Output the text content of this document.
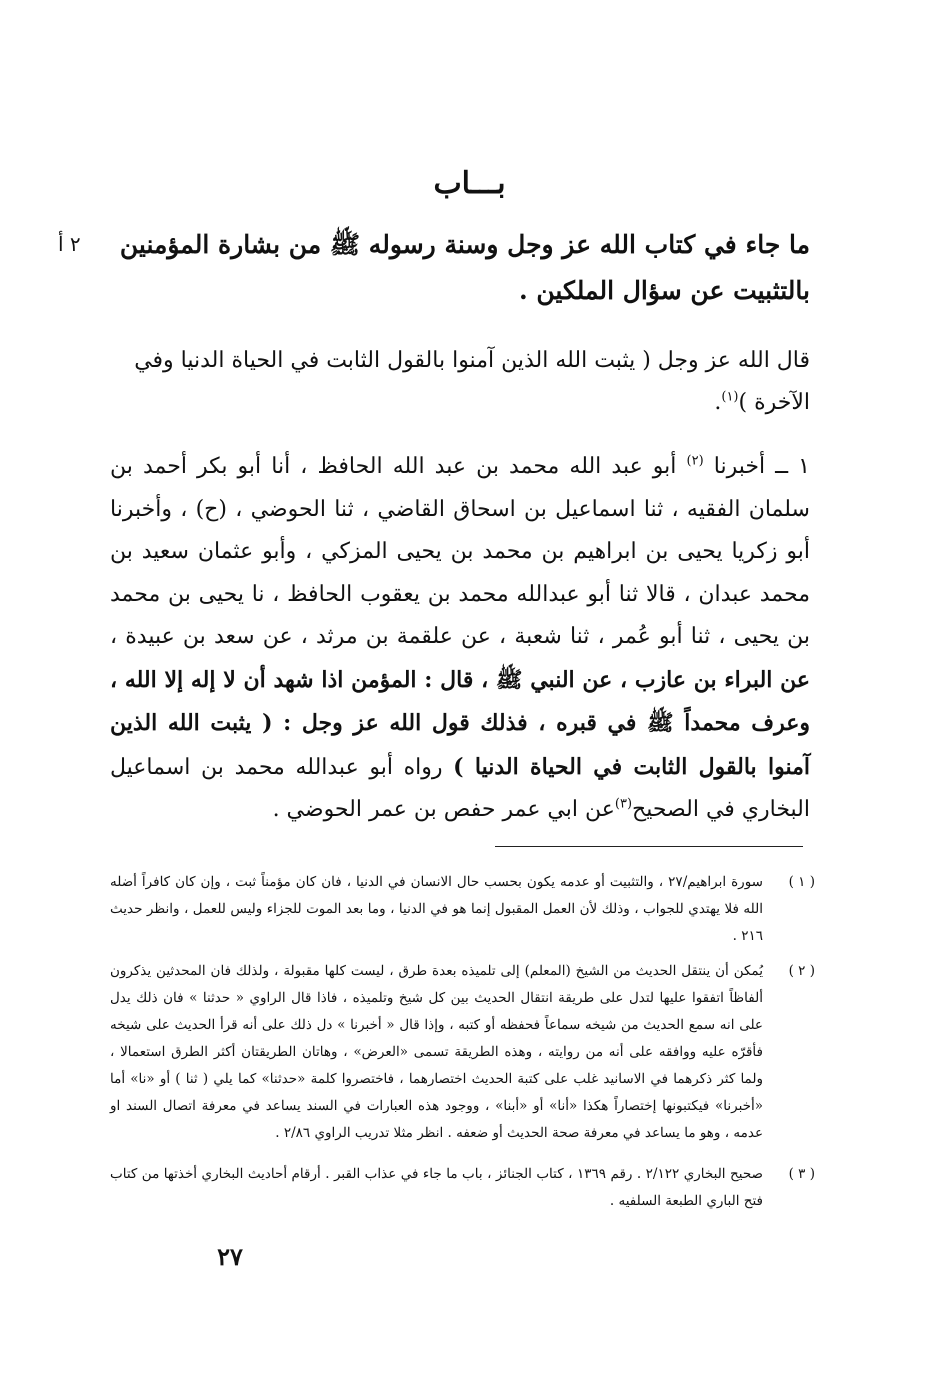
بـــاب
٢ أ	ما جاء في كتاب الله عز وجل وسنة رسوله ﷺ من بشارة المؤمنين بالتثبيت عن سؤال الملكين .
قال الله عز وجل ( يثبت الله الذين آمنوا بالقول الثابت في الحياة الدنيا وفي الآخرة )$^{(١)}$.
١ ــ أخبرنا $^{(٢)}$ أبو عبد الله محمد بن عبد الله الحافظ ، أنا أبو بكر أحمد بن سلمان الفقيه ، ثنا اسماعيل بن اسحاق القاضي ، ثنا الحوضي ، (ح) ، وأخبرنا أبو زكريا يحيى بن ابراهيم بن محمد بن يحيى المزكي ، وأبو عثمان سعيد بن محمد عبدان ، قالا ثنا أبو عبدالله محمد بن يعقوب الحافظ ، نا يحيى بن محمد بن يحيى ، ثنا أبو عُمر ، ثنا شعبة ، عن علقمة بن مرثد ، عن سعد بن عبيدة ، عن البراء بن عازب ، عن النبي ﷺ ، قال : المؤمن اذا شهد أن لا إله إلا الله ، وعرف محمداً ﷺ في قبره ، فذلك قول الله عز وجل : ( يثبت الله الذين آمنوا بالقول الثابت في الحياة الدنيا ) رواه أبو عبدالله محمد بن اسماعيل البخاري في الصحيح$^{(٣)}$عن ابي عمر حفص بن عمر الحوضي .
( ١ )
سورة ابراهيم/٢٧ ، والتثبيت أو عدمه يكون بحسب حال الانسان في الدنيا ، فان كان مؤمناً ثبت ، وإن كان كافراً أضله الله فلا يهتدي للجواب ، وذلك لأن العمل المقبول إنما هو في الدنيا ، وما بعد الموت للجزاء وليس للعمل ، وانظر حديث ٢١٦ .
( ٢ )
يُمكن أن ينتقل الحديث من الشيخ (المعلم) إلى تلميذه بعدة طرق ، ليست كلها مقبولة ، ولذلك فان المحدثين يذكرون ألفاظاً اتفقوا عليها لتدل على طريقة انتقال الحديث بين كل شيخ وتلميذه ، فاذا قال الراوي « حدثنا » فان ذلك يدل على انه سمع الحديث من شيخه سماعاً فحفظه أو كتبه ، وإذا قال « أخبرنا » دل ذلك على أنه قرأ الحديث على شيخه فأقرّه عليه ووافقه على أنه من روايته ، وهذه الطريقة تسمى «العرض» ، وهاتان الطريقتان أكثر الطرق استعمالا ، ولما كثر ذكرهما في الاسانيد غلب على كتبة الحديث اختصارهما ، فاختصروا كلمة «حدثنا» كما يلي ( ثنا ) أو «نا» أما «أخبرنا» فيكتبونها إختصاراً هكذا «أنا» أو «أبنا» ، ووجود هذه العبارات في السند يساعد في معرفة اتصال السند او عدمه ، وهو ما يساعد في معرفة صحة الحديث أو ضعفه . انظر مثلا تدريب الراوي ٢/٨٦ .
( ٣ )
صحيح البخاري ٢/١٢٢ . رقم ١٣٦٩ ، كتاب الجنائز ، باب ما جاء في عذاب القبر . أرقام أحاديث البخاري أخذتها من كتاب فتح الباري الطبعة السلفيه .
٢٧
